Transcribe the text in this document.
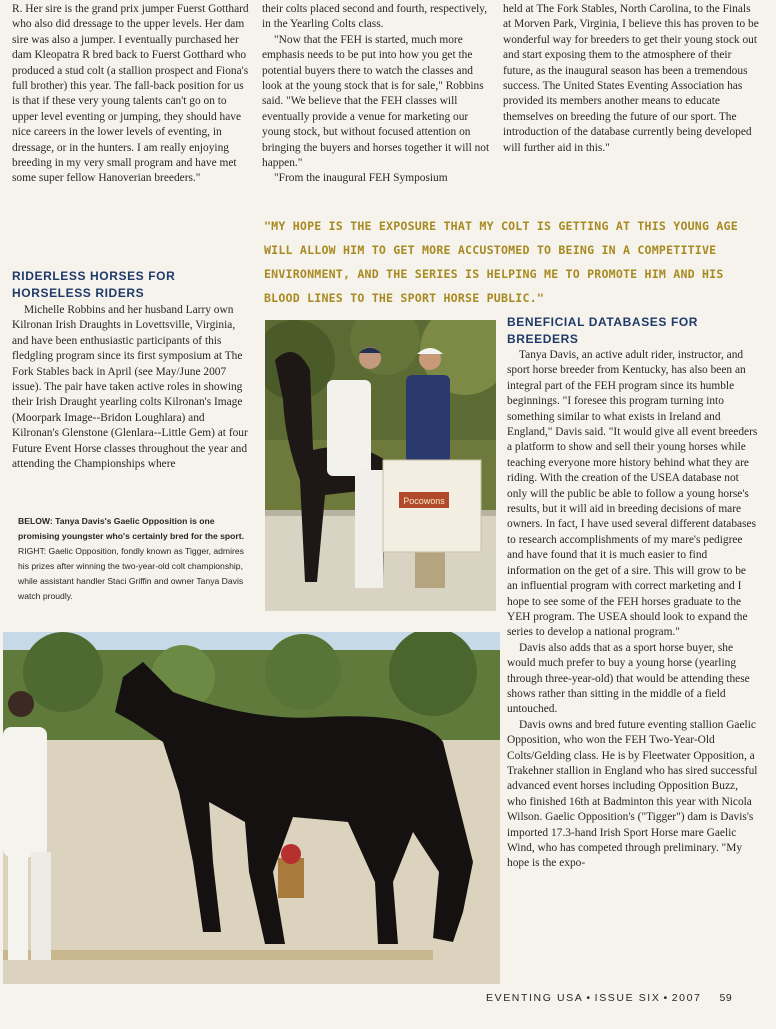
R. Her sire is the grand prix jumper Fuerst Gotthard who also did dressage to the upper levels. Her dam sire was also a jumper. I eventually purchased her dam Kleopatra R bred back to Fuerst Gotthard who produced a stud colt (a stallion prospect and Fiona's full brother) this year. The fall-back position for us is that if these very young talents can't go on to upper level eventing or jumping, they should have nice careers in the lower levels of eventing, in dressage, or in the hunters. I am really enjoying breeding in my very small program and have met some super fellow Hanoverian breeders."

RIDERLESS HORSES FOR HORSELESS RIDERS

Michelle Robbins and her husband Larry own Kilronan Irish Draughts in Lovettsville, Virginia, and have been enthusiastic participants of this fledgling program since its first symposium at The Fork Stables back in April (see May/June 2007 issue). The pair have taken active roles in showing their Irish Draught yearling colts Kilronan's Image (Moorpark Image--Bridon Loughlara) and Kilronan's Glenstone (Glenlara--Little Gem) at four Future Event Horse classes throughout the year and attending the Championships where

BELOW: Tanya Davis's Gaelic Opposition is one promising youngster who's certainly bred for the sport. RIGHT: Gaelic Opposition, fondly known as Tigger, admires his prizes after winning the two-year-old colt championship, while assistant handler Staci Griffin and owner Tanya Davis watch proudly.

their colts placed second and fourth, respectively, in the Yearling Colts class.

"Now that the FEH is started, much more emphasis needs to be put into how you get the potential buyers there to watch the classes and look at the young stock that is for sale," Robbins said. "We believe that the FEH classes will eventually provide a venue for marketing our young stock, but without focused attention on bringing the buyers and horses together it will not happen."

"From the inaugural FEH Symposium

held at The Fork Stables, North Carolina, to the Finals at Morven Park, Virginia, I believe this has proven to be wonderful way for breeders to get their young stock out and start exposing them to the atmosphere of their future, as the inaugural season has been a tremendous success. The United States Eventing Association has provided its members another means to educate themselves on breeding the future of our sport. The introduction of the database currently being developed will further aid in this."

"MY HOPE IS THE EXPOSURE THAT MY COLT IS GETTING AT THIS YOUNG AGE WILL ALLOW HIM TO GET MORE ACCUSTOMED TO BEING IN A COMPETITIVE ENVIRONMENT, AND THE SERIES IS HELPING ME TO PROMOTE HIM AND HIS BLOOD LINES TO THE SPORT HORSE PUBLIC."
BENEFICIAL DATABASES FOR BREEDERS

Tanya Davis, an active adult rider, instructor, and sport horse breeder from Kentucky, has also been an integral part of the FEH program since its humble beginnings. "I foresee this program turning into something similar to what exists in Ireland and England," Davis said. "It would give all event breeders a platform to show and sell their young horses while teaching everyone more history behind what they are riding. With the creation of the USEA database not only will the public be able to follow a young horse's results, but it will aid in breeding decisions of mare owners. In fact, I have used several different databases to research accomplishments of my mare's pedigree and have found that it is much easier to find information on the get of a sire. This will grow to be an influential program with correct marketing and I hope to see some of the FEH horses graduate to the YEH program. The USEA should look to expand the series to develop a national program."

Davis also adds that as a sport horse buyer, she would much prefer to buy a young horse (yearling through three-year-old) that would be attending these shows rather than sitting in the middle of a field untouched.

Davis owns and bred future eventing stallion Gaelic Opposition, who won the FEH Two-Year-Old Colts/Gelding class. He is by Fleetwater Opposition, a Trakehner stallion in England who has sired successful advanced event horses including Opposition Buzz, who finished 16th at Badminton this year with Nicola Wilson. Gaelic Opposition's ("Tigger") dam is Davis's imported 17.3-hand Irish Sport Horse mare Gaelic Wind, who has competed through preliminary. "My hope is the expo-

Pocowons
EVENTING USA • ISSUE SIX • 2007 59
